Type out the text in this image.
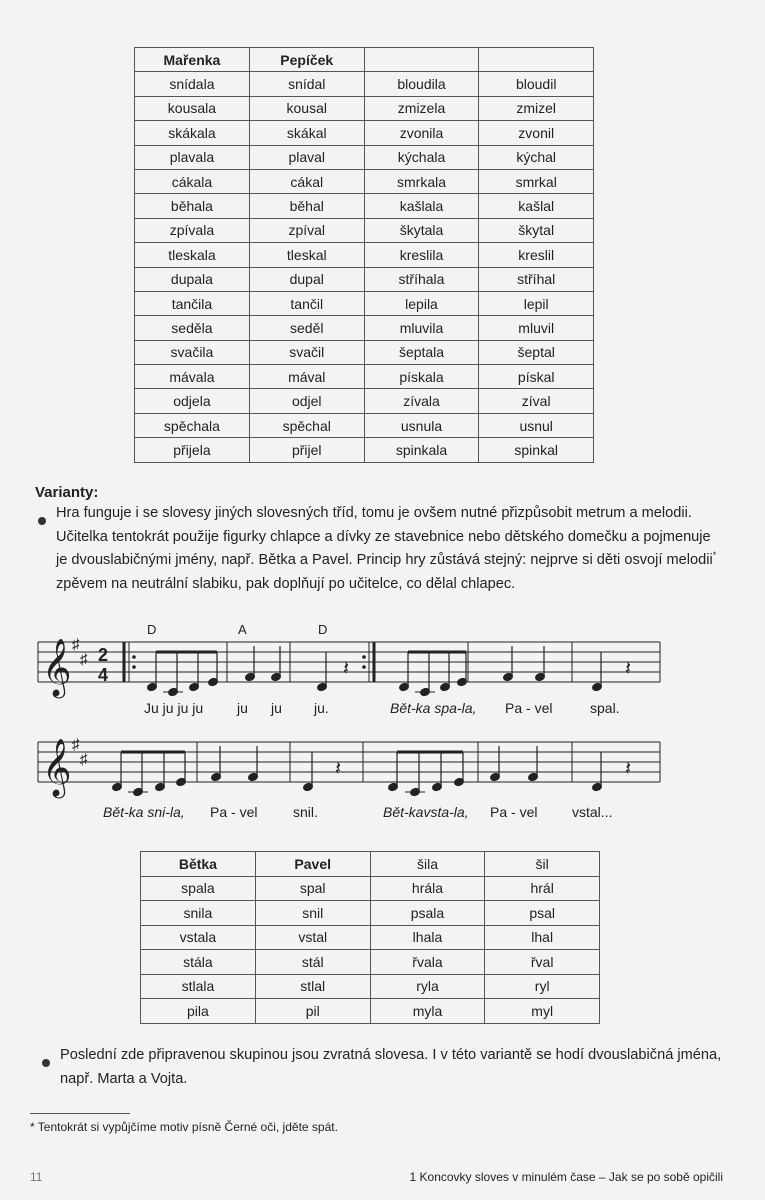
Mařenka	Pepíček		
snídala	snídal	bloudila	bloudil
kousala	kousal	zmizela	zmizel
skákala	skákal	zvonila	zvonil
plavala	plaval	kýchala	kýchal
cákala	cákal	smrkala	smrkal
běhala	běhal	kašlala	kašlal
zpívala	zpíval	škytala	škytal
tleskala	tleskal	kreslila	kreslil
dupala	dupal	stříhala	stříhal
tančila	tančil	lepila	lepil
seděla	seděl	mluvila	mluvil
svačila	svačil	šeptala	šeptal
mávala	mával	pískala	pískal
odjela	odjel	zívala	zíval
spěchala	spěchal	usnula	usnul
přijela	přijel	spinkala	spinkal
Varianty:
Hra funguje i se slovesy jiných slovesných tříd, tomu je ovšem nutné přizpůsobit metrum a melodii.
Učitelka tentokrát použije figurky chlapce a dívky ze stavebnice nebo dětského domečku a pojmenuje
je dvouslabičnými jmény, např. Bětka a Pavel. Princip hry zůstává stejný: nejprve si děti osvojí melodii*
zpěvem na neutrální slabiku, pak doplňují po učitelce, co dělal chlapec.
𝄞
𝄞
♯
♯
♯
♯
2
4
D	A	D
𝄽	𝄽
𝄽	𝄽
Ju ju ju ju ju ju ju.	Bět-ka spa-la, Pa - vel	spal.
Bět-ka sni-la, Pa - vel	snil.	Bět-kavsta-la, Pa - vel vstal...
Bětka	Pavel	šila	šil
spala	spal	hrála	hrál
snila	snil	psala	psal
vstala	vstal	lhala	lhal
stála	stál	řvala	řval
stlala	stlal	ryla	ryl
pila	pil	myla	myl
Poslední zde připravenou skupinou jsou zvratná slovesa. I v této variantě se hodí dvouslabičná jména,
např. Marta a Vojta.
* Tentokrát si vypůjčíme motiv písně Černé oči, jděte spát.
11	1 Koncovky sloves v minulém čase – Jak se po sobě opičili
